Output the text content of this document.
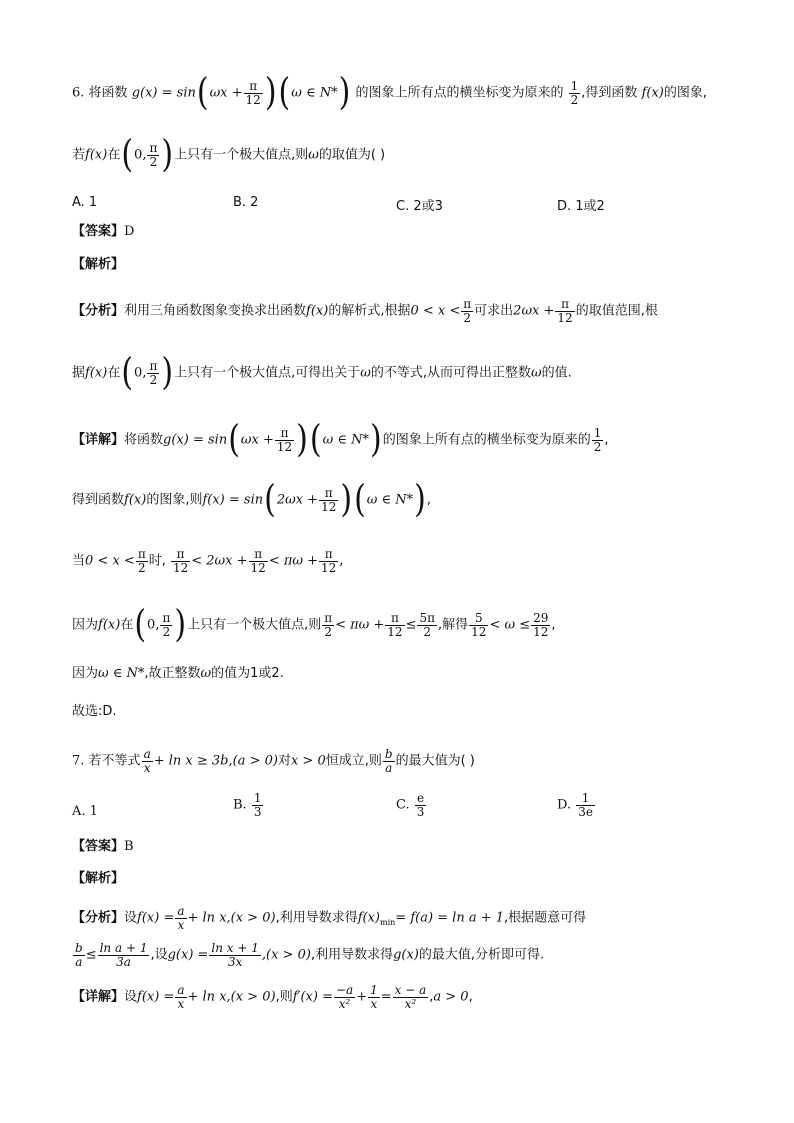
6. 将函数 $g(x) = \sin(\omega x + \frac{\pi}{12} )(\omega$ ∈ N*) 的图象上所有点的横坐标变为原来的 $\frac{1}{2}$ ,得到函数 f(x)的图象,
若f(x)在(0, $\frac{\pi}{2}$ )上只有一个极大值点,则ω的取值为( )
A. 1	B. 2	C. 2或3	D. 1或2
【答案】D
【解析】
【分析】利用三角函数图象变换求出函数f(x)的解析式,根据$0 < x < \frac{\pi}{2}$ 可求出$2\omega x + \frac{\pi}{12}$ 的取值范围,根
据f(x)在(0, $\frac{\pi}{2}$ )上只有一个极大值点,可得出关于ω的不等式,从而可得出正整数ω的值.
【详解】将函数$g(x) = \sin(\omega x + \frac{\pi}{12} )(\omega$ ∈ N*)的图象上所有点的横坐标变为原来的 $\frac{1}{2}$ ,
得到函数f(x)的图象,则$f(x) = \sin(2\omega x + \frac{\pi}{12} )(\omega$ ∈ N*),
当$0 < x < \frac{\pi}{2}$ 时, $\frac{\pi}{12} < 2\omega x + \frac{\pi}{12} < \pi\omega + \frac{\pi}{12}$ ,
因为f(x)在(0, $\frac{\pi}{2}$ )上只有一个极大值点,则 $\frac{\pi}{2} < \pi\omega + \frac{\pi}{12} \le \frac{5\pi}{2}$ ,解得 $\frac{5}{12} < \omega \le \frac{29}{12}$ ,
因为ω ∈ N*,故正整数ω的值为1或2.
故选:D.
7. 若不等式 $\frac{a}{x} + \ln x \ge 3b,(a > 0)$对x > 0恒成立,则 $\frac{b}{a}$ 的最大值为( )
A. 1	B. $\frac{1}{3}$	C. $\frac{e}{3}$	D. $\frac{1}{3e}$
【答案】B
【解析】
【分析】设$f(x) = \frac{a}{x} + \ln x,(x > 0)$,利用导数求得$f(x)_{min}= f(a) = \ln a + 1$,根据题意可得
$\frac{b}{a} \le \frac{\text{ln a + 1}}{3a}$ ,设$g(x) = \frac{\text{ln x + 1}}{3x} ,(x > 0)$,利用导数求得g(x)的最大值,分析即可得.
【详解】设$f(x) = \frac{a}{x} + \ln x,(x > 0)$,则$f'(x) = \frac{-a}{\text{x²}} + \frac{1}{x} = \frac{x - a}{\text{x²}} ,a > 0$,
